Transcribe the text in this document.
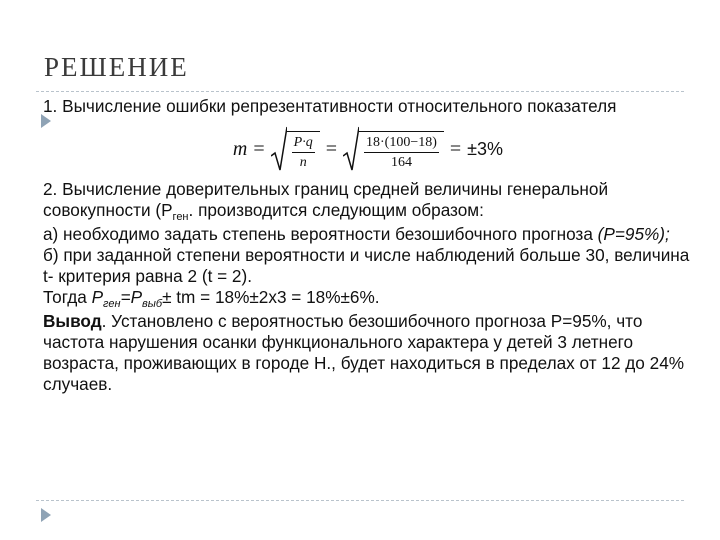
РЕШЕНИЕ

1. Вычисление ошибки репрезентативности относительного показателя

$m = \frac{P\cdot q}{n} = \frac{18\cdot(100-18)}{164} = \pm 3\%$

2. Вычисление доверительных границ средней величины генеральной совокупности ($Р_{ген}$. производится следующим образом:

а) необходимо задать степень вероятности безошибочного прогноза (Р=95%);

б) при заданной степени вероятности и числе наблюдений больше 30, величина t- критерия равна 2 (t = 2).

Тогда $Р_{ген}=Р_{выб}\pm$ tm = 18%±2х3 = 18%±6%.

Вывод. Установлено с вероятностью безошибочного прогноза Р=95%, что частота нарушения осанки функционального характера у детей 3 летнего возраста, проживающих в городе Н., будет находиться в пределах от 12 до 24% случаев.
